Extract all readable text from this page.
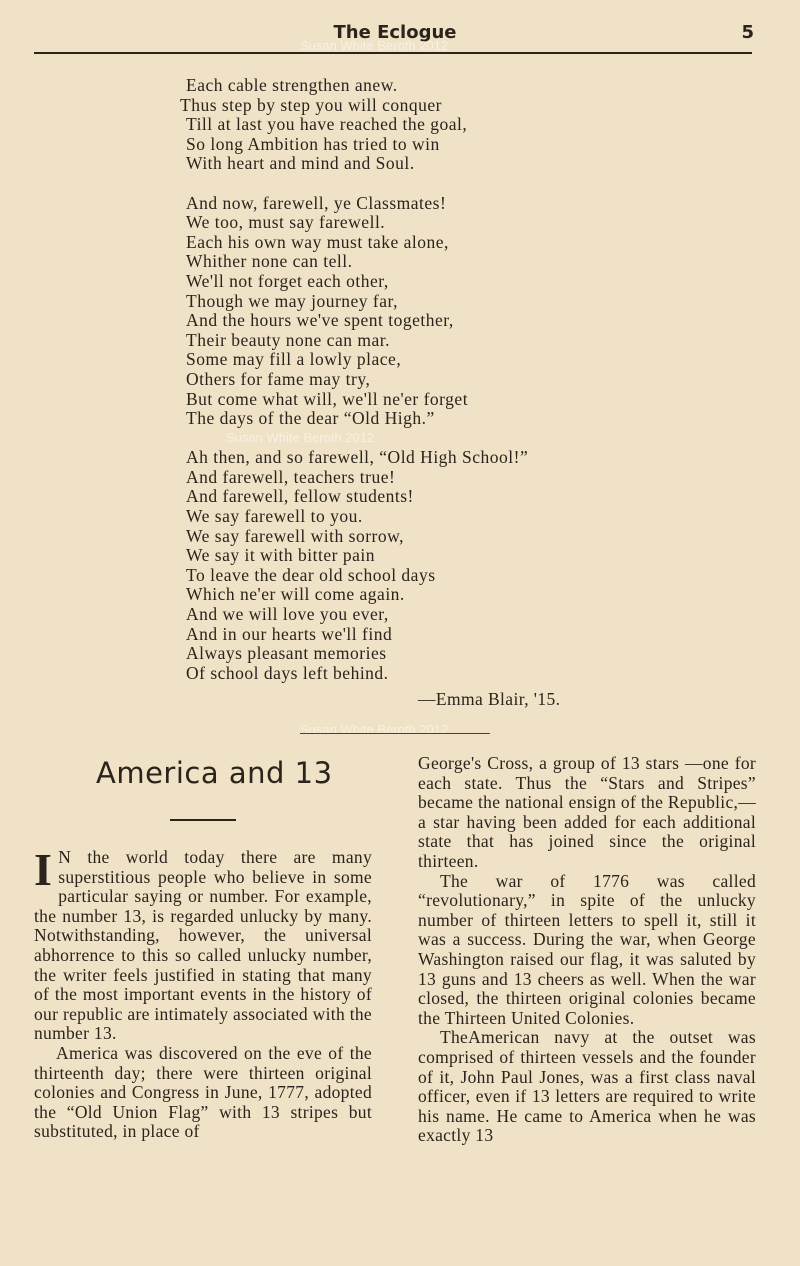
The Eclogue	5
Susan White Beroth 2012
Susan White Beroth 2012
Susan White Beroth 2012
Each cable strengthen anew.
Thus step by step you will conquer
Till at last you have reached the goal,
So long Ambition has tried to win
With heart and mind and Soul.
And now, farewell, ye Classmates!
We too, must say farewell.
Each his own way must take alone,
Whither none can tell.
We'll not forget each other,
Though we may journey far,
And the hours we've spent together,
Their beauty none can mar.
Some may fill a lowly place,
Others for fame may try,
But come what will, we'll ne'er forget
The days of the dear “Old High.”
Ah then, and so farewell, “Old High School!”
And farewell, teachers true!
And farewell, fellow students!
We say farewell to you.
We say farewell with sorrow,
We say it with bitter pain
To leave the dear old school days
Which ne'er will come again.
And we will love you ever,
And in our hearts we'll find
Always pleasant memories
Of school days left behind.
—Emma Blair, '15.
America and 13

I N the world today there are many superstitious people who believe in some particular saying or number. For example, the number 13, is regarded unlucky by many. Notwithstanding, however, the universal abhorrence to this so called unlucky number, the writer feels justified in stating that many of the most important events in the history of our republic are intimately associated with the number 13.

America was discovered on the eve of the thirteenth day; there were thirteen original colonies and Congress in June, 1777, adopted the “Old Union Flag” with 13 stripes but substituted, in place of

George's Cross, a group of 13 stars —one for each state. Thus the “Stars and Stripes” became the national ensign of the Republic,—a star having been added for each additional state that has joined since the original thirteen.

The war of 1776 was called “revolutionary,” in spite of the unlucky number of thirteen letters to spell it, still it was a success. During the war, when George Washington raised our flag, it was saluted by 13 guns and 13 cheers as well. When the war closed, the thirteen original colonies became the Thirteen United Colonies.

TheAmerican navy at the outset was comprised of thirteen vessels and the founder of it, John Paul Jones, was a first class naval officer, even if 13 letters are required to write his name. He came to America when he was exactly 13
